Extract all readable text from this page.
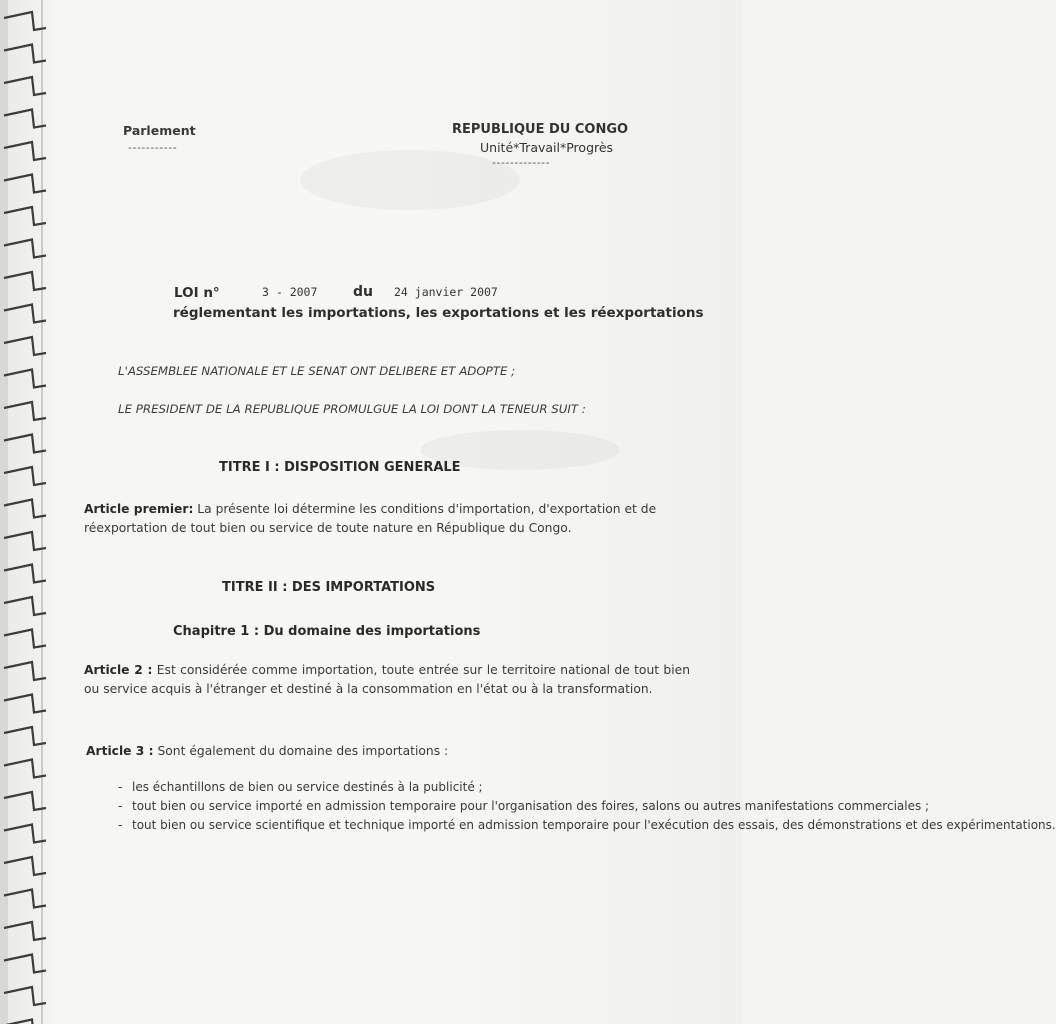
Parlement
-----------
REPUBLIQUE DU CONGO
Unité*Travail*Progrès
-------------
LOI n°	3 - 2007	du 24 janvier 2007
réglementant les importations, les exportations et les réexportations
L'ASSEMBLEE NATIONALE ET LE SENAT ONT DELIBERE ET ADOPTE ;
LE PRESIDENT DE LA REPUBLIQUE PROMULGUE LA LOI DONT LA TENEUR SUIT :
TITRE I : DISPOSITION GENERALE
Article premier: La présente loi détermine les conditions d'importation, d'exportation et de réexportation de tout bien ou service de toute nature en République du Congo.
TITRE II : DES IMPORTATIONS
Chapitre 1 : Du domaine des importations
Article 2 : Est considérée comme importation, toute entrée sur le territoire national de tout bien ou service acquis à l'étranger et destiné à la consommation en l'état ou à la transformation.
Article 3 : Sont également du domaine des importations :
- les échantillons de bien ou service destinés à la publicité ;
- tout bien ou service importé en admission temporaire pour l'organisation des foires, salons ou autres manifestations commerciales ;
- tout bien ou service scientifique et technique importé en admission temporaire pour l'exécution des essais, des démonstrations et des expérimentations.
